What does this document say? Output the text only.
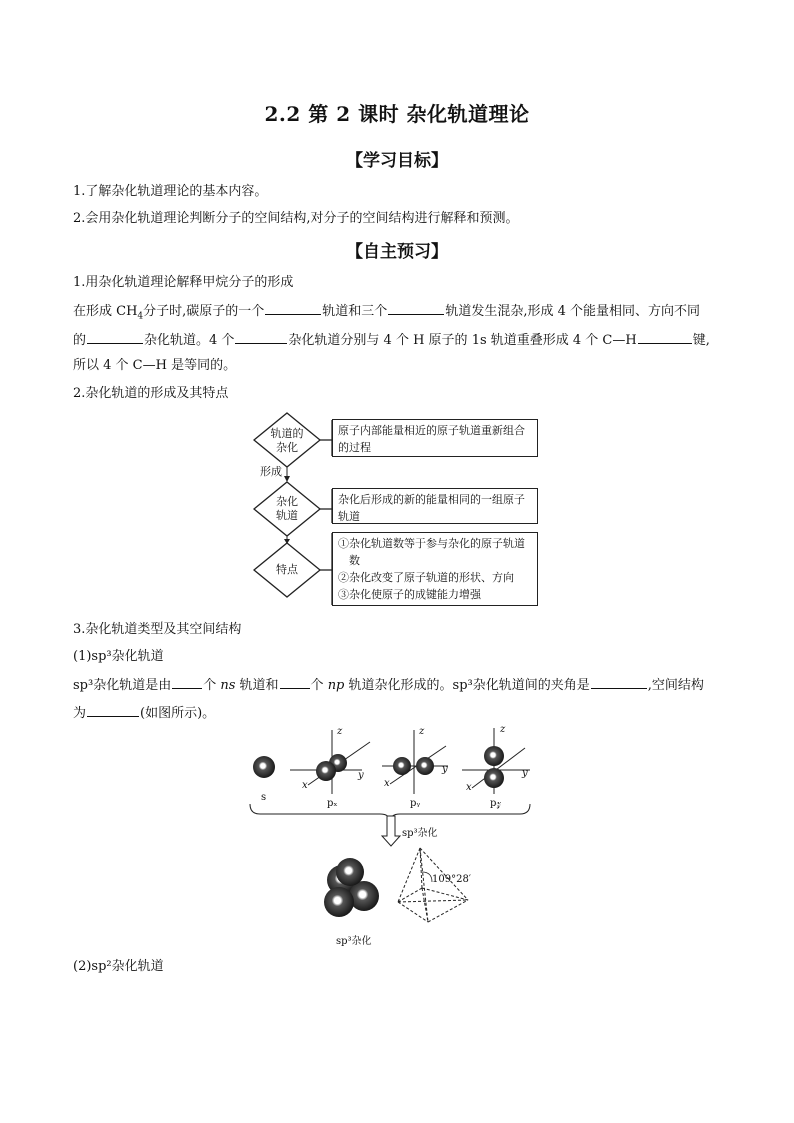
2.2 第 2 课时 杂化轨道理论
【学习目标】
1.了解杂化轨道理论的基本内容。
2.会用杂化轨道理论判断分子的空间结构,对分子的空间结构进行解释和预测。
【自主预习】
1.用杂化轨道理论解释甲烷分子的形成
在形成 $CH_4$分子时,碳原子的一个	轨道和三个	轨道发生混杂,形成 4 个能量相同、方向不同
的	杂化轨道。4 个	杂化轨道分别与 4 个 H 原子的 1s 轨道重叠形成 4 个 C—H	键,
所以 4 个 C—H 是等同的。
2.杂化轨道的形成及其特点
轨道的
杂化
杂化
轨道
特点
形成
原子内部能量相近的原子轨道重新组合的过程
杂化后形成的新的能量相同的一组原子轨道
①杂化轨道数等于参与杂化的原子轨道数
②杂化改变了原子轨道的形状、方向
③杂化使原子的成键能力增强
3.杂化轨道类型及其空间结构
(1)sp³杂化轨道
sp³杂化轨道是由 个 ns 轨道和 个 np 轨道杂化形成的。sp³杂化轨道间的夹角是	,空间结构
为	(如图所示)。
s
pₓ	pᵧ	p𝓏
z
y
x
z
y
x
z
y
x
sp³杂化
sp³杂化
109°28′
(2)sp²杂化轨道
